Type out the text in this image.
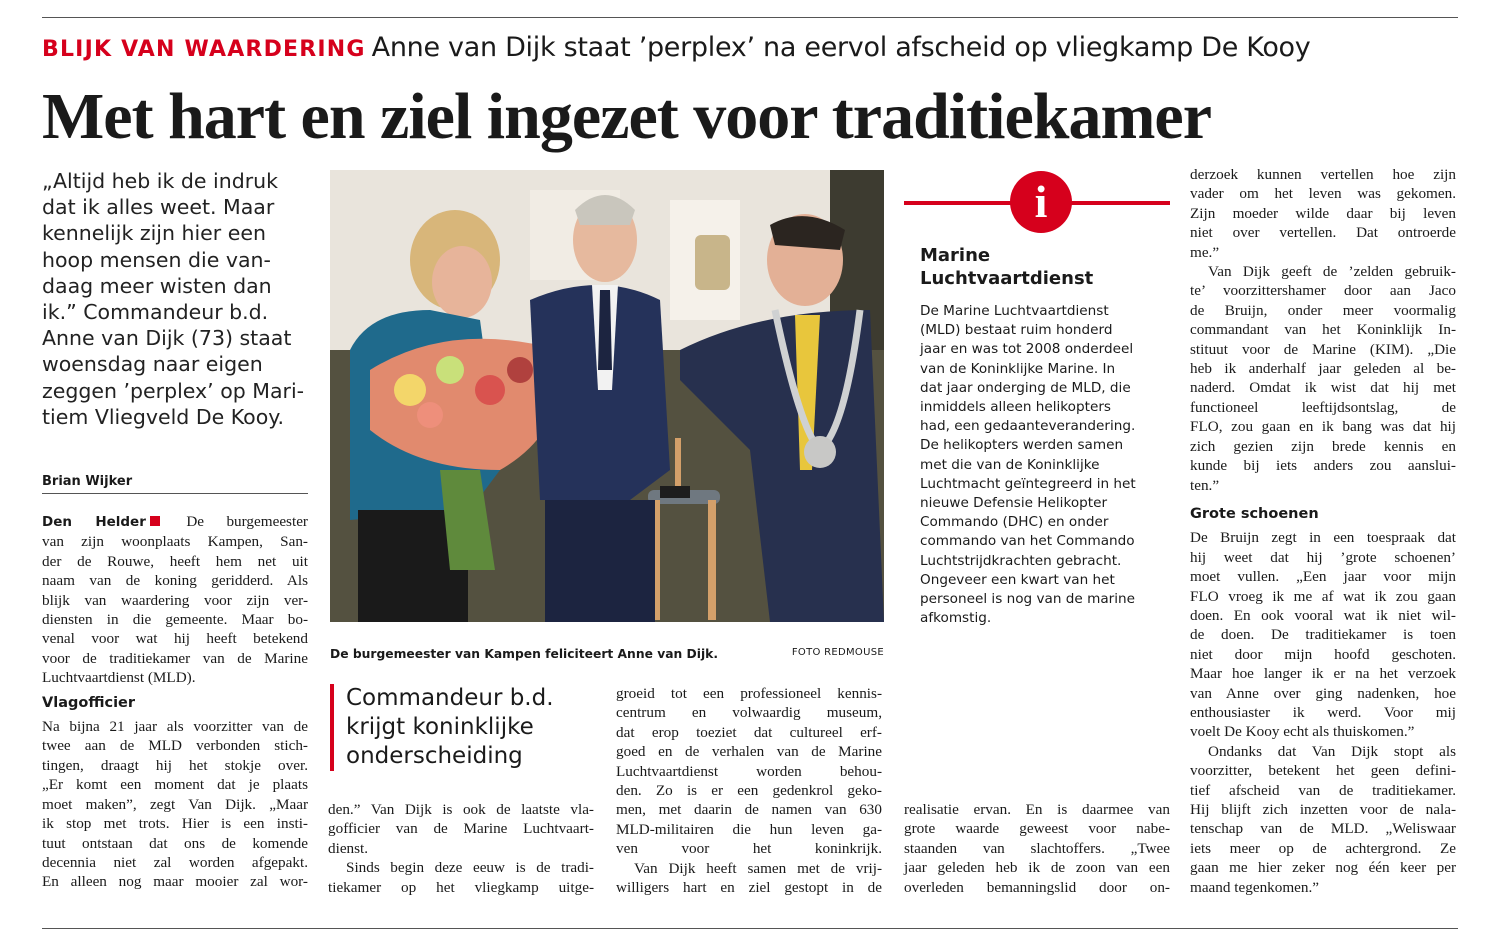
BLIJK VAN WAARDERING Anne van Dijk staat ’perplex’ na eervol afscheid op vliegkamp De Kooy
Met hart en ziel ingezet voor traditiekamer
„Altijd heb ik de indruk
dat ik alles weet. Maar
kennelijk zijn hier een
hoop mensen die van-
daag meer wisten dan
ik.” Commandeur b.d.
Anne van Dijk (73) staat
woensdag naar eigen
zeggen ’perplex’ op Mari-
tiem Vliegveld De Kooy.
Brian Wijker
Den Helder De burgemeester
van zijn woonplaats Kampen, San-
der de Rouwe, heeft hem net uit
naam van de koning geridderd. Als
blijk van waardering voor zijn ver-
diensten in die gemeente. Maar bo-
venal voor wat hij heeft betekend
voor de traditiekamer van de Marine
Luchtvaartdienst (MLD).
Vlagofficier
Na bijna 21 jaar als voorzitter van de
twee aan de MLD verbonden stich-
tingen, draagt hij het stokje over.
„Er komt een moment dat je plaats
moet maken”, zegt Van Dijk. „Maar
ik stop met trots. Hier is een insti-
tuut ontstaan dat ons de komende
decennia niet zal worden afgepakt.
En alleen nog maar mooier zal wor-
De burgemeester van Kampen feliciteert Anne van Dijk.	FOTO REDMOUSE
Commandeur b.d. krijgt koninklijke onderscheiding
den.” Van Dijk is ook de laatste vla-
gofficier van de Marine Luchtvaart-
dienst.
Sinds begin deze eeuw is de tradi-
tiekamer op het vliegkamp uitge-
groeid tot een professioneel kennis-
centrum en volwaardig museum,
dat erop toeziet dat cultureel erf-
goed en de verhalen van de Marine
Luchtvaartdienst worden behou-
den. Zo is er een gedenkrol geko-
men, met daarin de namen van 630
MLD-militairen die hun leven ga-
ven voor het koninkrijk.
Van Dijk heeft samen met de vrij-
willigers hart en ziel gestopt in de
i
Marine Luchtvaartdienst
De Marine Luchtvaartdienst
(MLD) bestaat ruim honderd
jaar en was tot 2008 onderdeel
van de Koninklijke Marine. In
dat jaar onderging de MLD, die
inmiddels alleen helikopters
had, een gedaanteverandering.
De helikopters werden samen
met die van de Koninklijke
Luchtmacht geïntegreerd in het
nieuwe Defensie Helikopter
Commando (DHC) en onder
commando van het Commando
Luchtstrijdkrachten gebracht.
Ongeveer een kwart van het
personeel is nog van de marine
afkomstig.
realisatie ervan. En is daarmee van
grote waarde geweest voor nabe-
staanden van slachtoffers. „Twee
jaar geleden heb ik de zoon van een
overleden bemanningslid door on-
derzoek kunnen vertellen hoe zijn
vader om het leven was gekomen.
Zijn moeder wilde daar bij leven
niet over vertellen. Dat ontroerde
me.”
Van Dijk geeft de ’zelden gebruik-
te’ voorzittershamer door aan Jaco
de Bruijn, onder meer voormalig
commandant van het Koninklijk In-
stituut voor de Marine (KIM). „Die
heb ik anderhalf jaar geleden al be-
naderd. Omdat ik wist dat hij met
functioneel leeftijdsontslag, de
FLO, zou gaan en ik bang was dat hij
zich gezien zijn brede kennis en
kunde bij iets anders zou aanslui-
ten.”
Grote schoenen
De Bruijn zegt in een toespraak dat
hij weet dat hij ’grote schoenen’
moet vullen. „Een jaar voor mijn
FLO vroeg ik me af wat ik zou gaan
doen. En ook vooral wat ik niet wil-
de doen. De traditiekamer is toen
niet door mijn hoofd geschoten.
Maar hoe langer ik er na het verzoek
van Anne over ging nadenken, hoe
enthousiaster ik werd. Voor mij
voelt De Kooy echt als thuiskomen.”
Ondanks dat Van Dijk stopt als
voorzitter, betekent het geen defini-
tief afscheid van de traditiekamer.
Hij blijft zich inzetten voor de nala-
tenschap van de MLD. „Weliswaar
iets meer op de achtergrond. Ze
gaan me hier zeker nog één keer per
maand tegenkomen.”
